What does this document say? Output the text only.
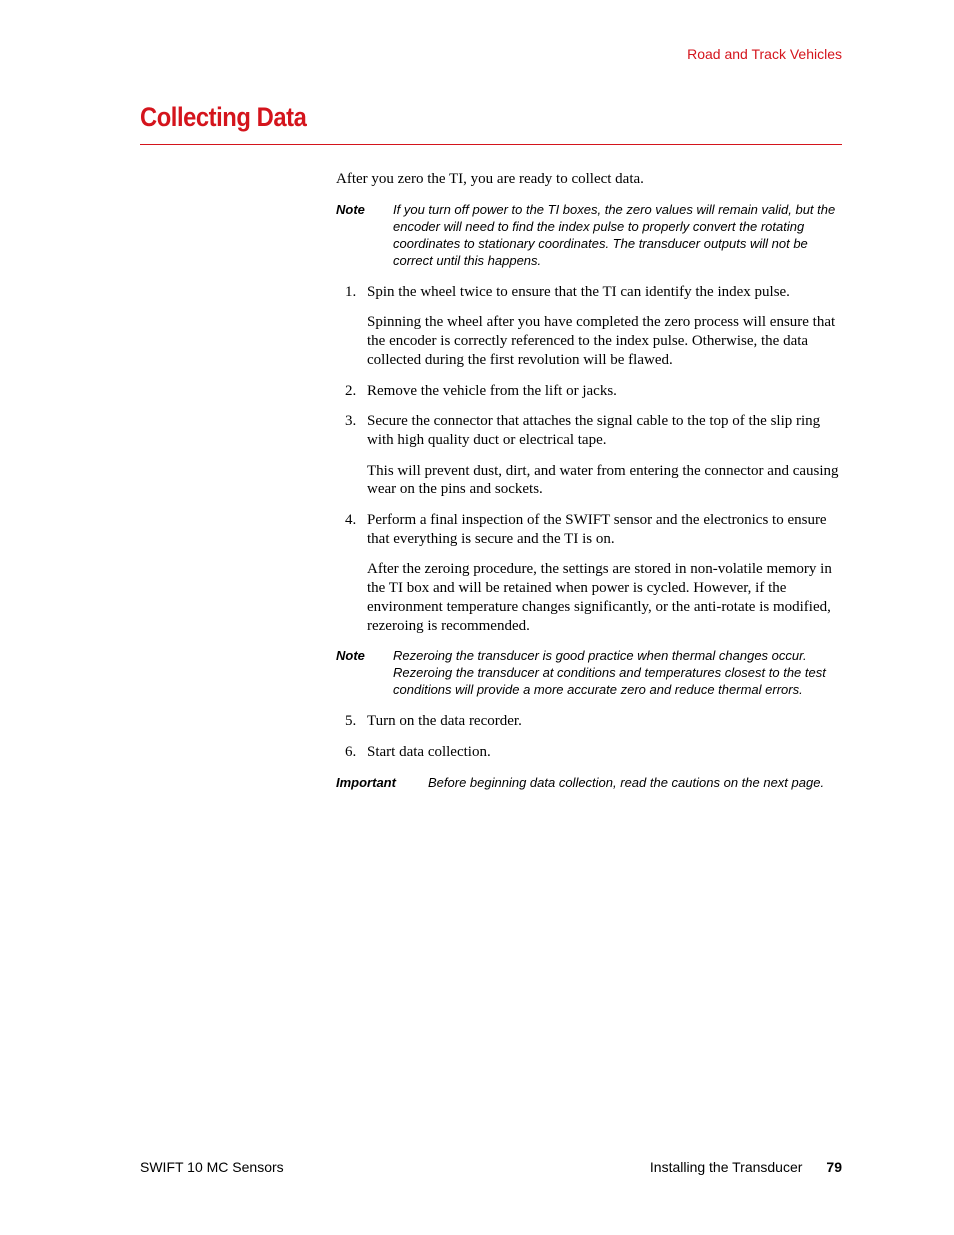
Road and Track Vehicles
Collecting Data

After you zero the TI, you are ready to collect data.

Note	If you turn off power to the TI boxes, the zero values will remain valid, but the encoder will need to find the index pulse to properly convert the rotating coordinates to stationary coordinates. The transducer outputs will not be correct until this happens.
1. Spin the wheel twice to ensure that the TI can identify the index pulse.

Spinning the wheel after you have completed the zero process will ensure that the encoder is correctly referenced to the index pulse. Otherwise, the data collected during the first revolution will be flawed.

2. Remove the vehicle from the lift or jacks.
3. Secure the connector that attaches the signal cable to the top of the slip ring with high quality duct or electrical tape.

This will prevent dust, dirt, and water from entering the connector and causing wear on the pins and sockets.

4. Perform a final inspection of the SWIFT sensor and the electronics to ensure that everything is secure and the TI is on.

After the zeroing procedure, the settings are stored in non-volatile memory in the TI box and will be retained when power is cycled. However, if the environment temperature changes significantly, or the anti-rotate is modified, rezeroing is recommended.

Note	Rezeroing the transducer is good practice when thermal changes occur. Rezeroing the transducer at conditions and temperatures closest to the test conditions will provide a more accurate zero and reduce thermal errors.
5. Turn on the data recorder.
6. Start data collection.
Important	Before beginning data collection, read the cautions on the next page.
SWIFT 10 MC Sensors	Installing the Transducer 79
